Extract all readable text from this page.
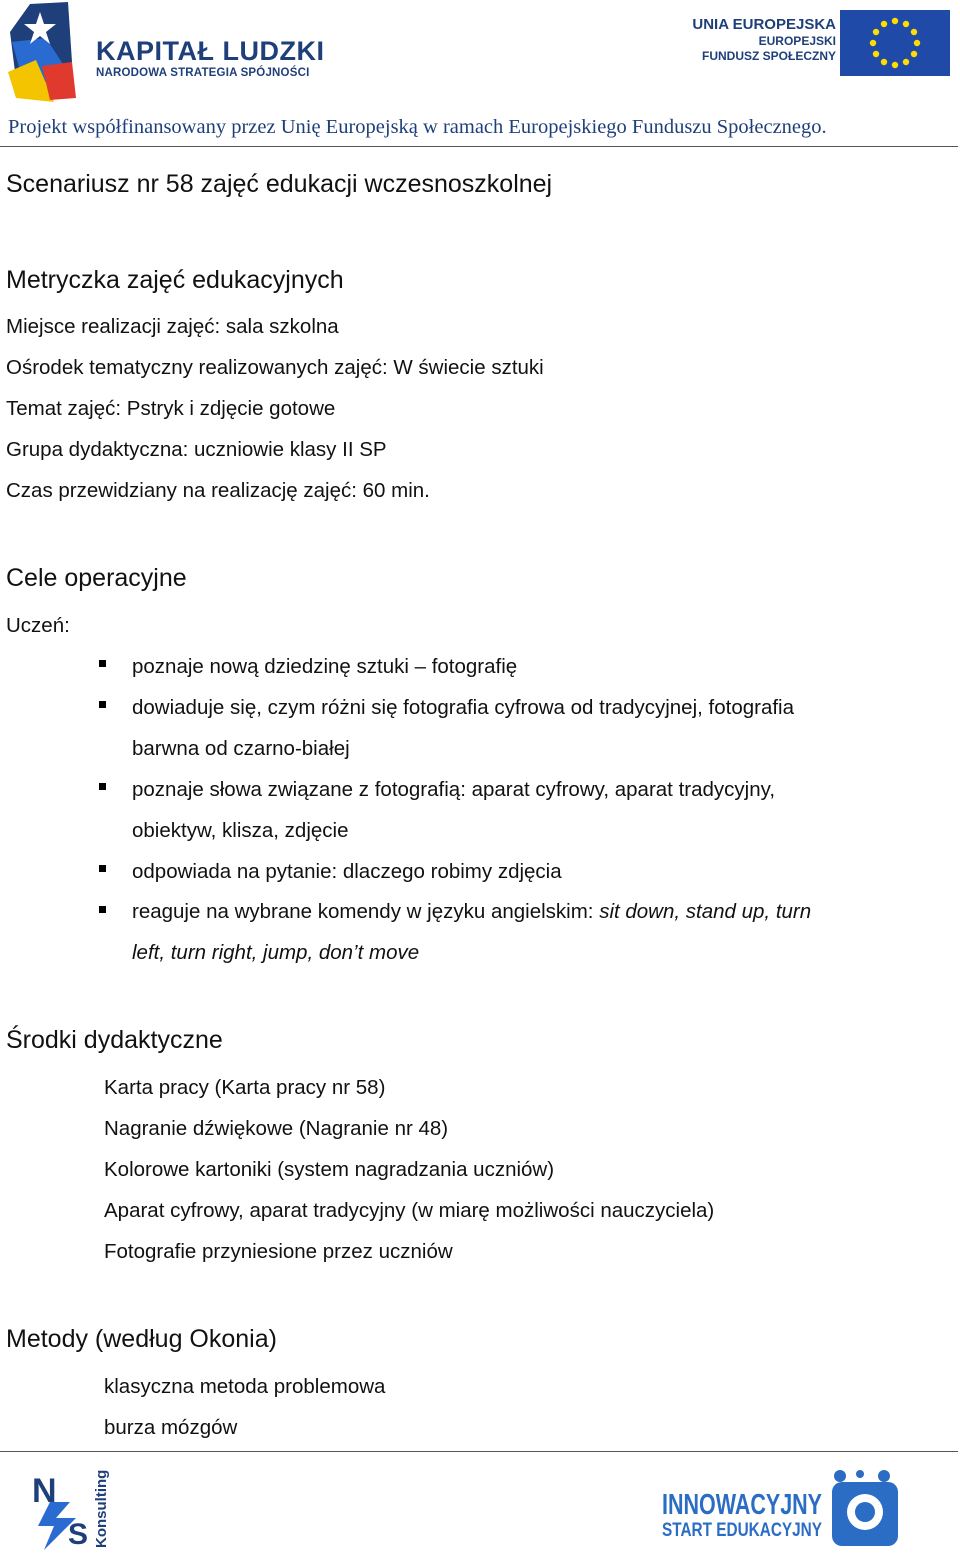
KAPITAŁ LUDZKI
NARODOWA STRATEGIA SPÓJNOŚCI
UNIA EUROPEJSKA
EUROPEJSKI
FUNDUSZ SPOŁECZNY
Projekt współfinansowany przez Unię Europejską w ramach Europejskiego Funduszu Społecznego.
Scenariusz nr 58 zajęć edukacji wczesnoszkolnej
Metryczka zajęć edukacyjnych
Miejsce realizacji zajęć: sala szkolna
Ośrodek tematyczny realizowanych zajęć: W świecie sztuki
Temat zajęć: Pstryk i zdjęcie gotowe
Grupa dydaktyczna: uczniowie klasy II SP
Czas przewidziany na realizację zajęć: 60 min.
Cele operacyjne
Uczeń:
poznaje nową dziedzinę sztuki – fotografię
dowiaduje się, czym różni się fotografia cyfrowa od tradycyjnej, fotografia
barwna od czarno-białej
poznaje słowa związane z fotografią: aparat cyfrowy, aparat tradycyjny,
obiektyw, klisza, zdjęcie
odpowiada na pytanie: dlaczego robimy zdjęcia
reaguje na wybrane komendy w języku angielskim: sit down, stand up, turn
left, turn right, jump, don’t move
Środki dydaktyczne
Karta pracy (Karta pracy nr 58)
Nagranie dźwiękowe (Nagranie nr 48)
Kolorowe kartoniki (system nagradzania uczniów)
Aparat cyfrowy, aparat tradycyjny (w miarę możliwości nauczyciela)
Fotografie przyniesione przez uczniów
Metody (według Okonia)
klasyczna metoda problemowa
burza mózgów
N
S Konsulting	INNOWACYJNY
START EDUKACYJNY
